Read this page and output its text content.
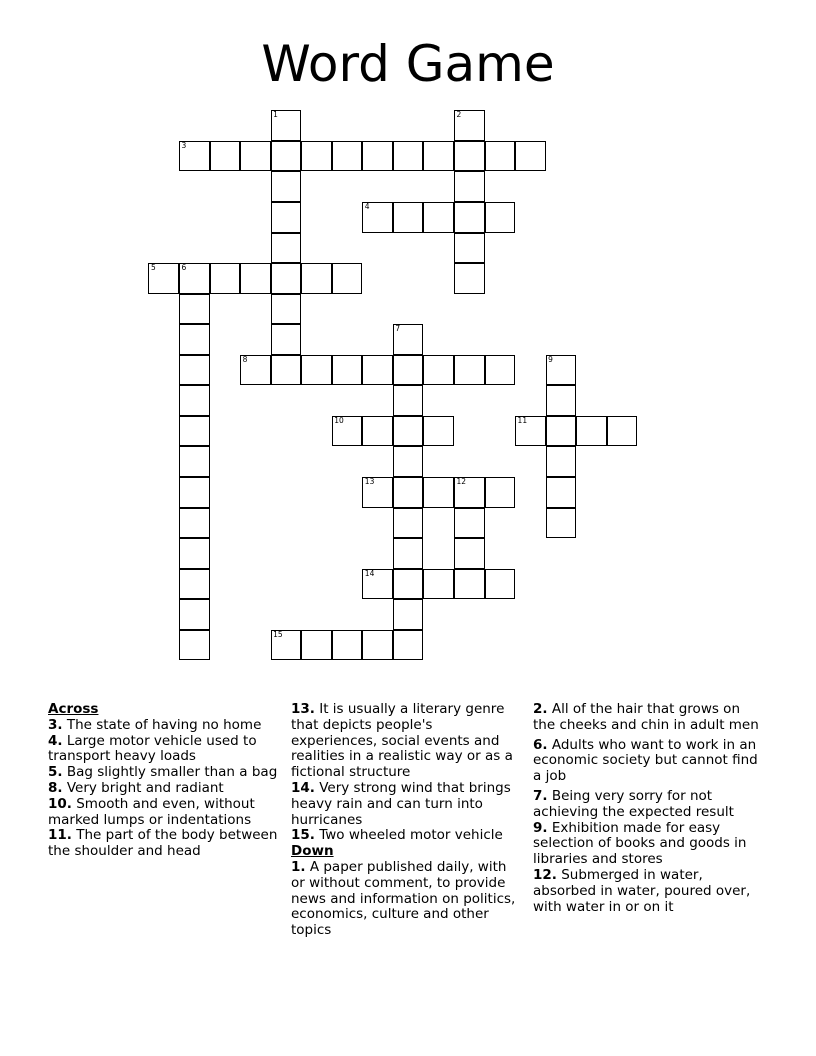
Word Game
3
4
5	6
8
10	11
13	12
14
15
1	2
7
9
Across
3. The state of having no home
4. Large motor vehicle used to transport heavy loads
5. Bag slightly smaller than a bag
8. Very bright and radiant
10. Smooth and even, without marked lumps or indentations
11. The part of the body between the shoulder and head
13. It is usually a literary genre that depicts people's experiences, social events and realities in a realistic way or as a fictional structure
14. Very strong wind that brings heavy rain and can turn into hurricanes
15. Two wheeled motor vehicle
Down
1. A paper published daily, with or without comment, to provide news and information on politics, economics, culture and other topics
2. All of the hair that grows on the cheeks and chin in adult men
6. Adults who want to work in an economic society but cannot find a job
7. Being very sorry for not achieving the expected result
9. Exhibition made for easy selection of books and goods in libraries and stores
12. Submerged in water, absorbed in water, poured over, with water in or on it
